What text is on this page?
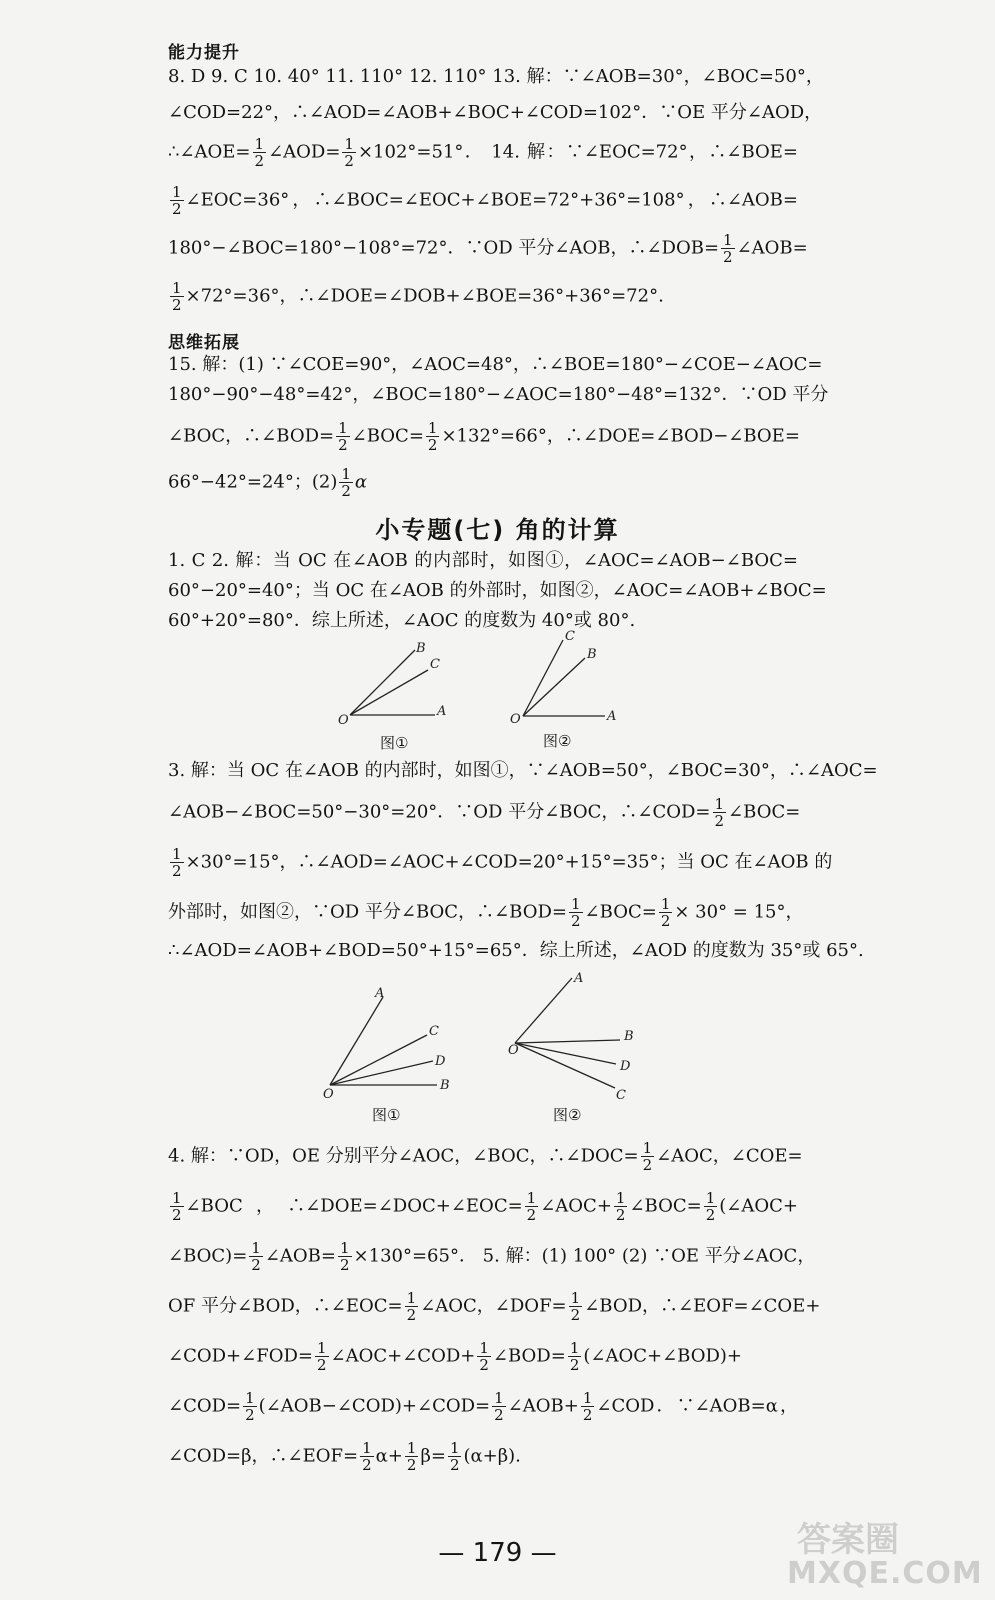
能力提升
8. D 9. C 10. 40° 11. 110° 12. 110° 13. 解：∵∠AOB=30°，∠BOC=50°，
∠COD=22°，∴∠AOD=∠AOB+∠BOC+∠COD=102°．∵OE 平分∠AOD，
∴∠AOE= $\frac{1}{2}$ ∠AOD= $\frac{1}{2} \times 102^\circ=51^\circ$． 14. 解：∵∠EOC=72°，∴∠BOE=
$\frac{1}{2}$ ∠EOC=36°，∴∠BOC=∠EOC+∠BOE=72°+36°=108°，∴∠AOB=
180°−∠BOC=180°−108°=72°．∵OD 平分∠AOB，∴∠DOB= $\frac{1}{2}$ ∠AOB=
$\frac{1}{2} \times 72^\circ=36^\circ$，∴∠DOE=∠DOB+∠BOE=36°+36°=72°.
思维拓展
15. 解：(1) ∵∠COE=90°，∠AOC=48°，∴∠BOE=180°−∠COE−∠AOC=
180°−90°−48°=42°，∠BOC=180°−∠AOC=180°−48°=132°．∵OD 平分
∠BOC，∴∠BOD= $\frac{1}{2}$ ∠BOC= $\frac{1}{2} \times 132^\circ=66^\circ$，∴∠DOE=∠BOD−∠BOE=
66°−42°=24°；$(2) \frac{1}{2}$ α
小专题(七) 角的计算
1. C 2. 解：当 OC 在∠AOB 的内部时，如图①，∠AOC=∠AOB−∠BOC=
60°−20°=40°；当 OC 在∠AOB 的外部时，如图②，∠AOC=∠AOB+∠BOC=
60°+20°=80°．综上所述，∠AOC 的度数为 40°或 80°.
O
A
B
C
图①
O	A
C
B
图②
3. 解：当 OC 在∠AOB 的内部时，如图①，∵∠AOB=50°，∠BOC=30°，∴∠AOC=
∠AOB−∠BOC=50°−30°=20°．∵OD 平分∠BOC，∴∠COD= $\frac{1}{2}$ ∠BOC=
$\frac{1}{2} \times 30^\circ=15^\circ$，∴∠AOD=∠AOC+∠COD=20°+15°=35°；当 OC 在∠AOB 的
外部时，如图②，∵OD 平分∠BOC，∴∠BOD= $\frac{1}{2}$ ∠BOC= $\frac{1}{2} \times 30^\circ = 15^\circ$，
∴∠AOD=∠AOB+∠BOD=50°+15°=65°．综上所述，∠AOD 的度数为 35°或 65°.
O
B
A
C
D
图①
O
A
B
D
C
图②
4. 解：∵OD，OE 分别平分∠AOC，∠BOC，∴∠DOC= $\frac{1}{2}$ ∠AOC，∠COE=
$\frac{1}{2}$ ∠BOC，∴∠DOE=∠DOC+∠EOC= $\frac{1}{2}$ ∠AOC+ $\frac{1}{2}$ ∠BOC= $\frac{1}{2}$ (∠AOC+
∠BOC)= $\frac{1}{2}$ ∠AOB= $\frac{1}{2} \times 130^\circ=65^\circ$． 5. 解：(1) 100° (2) ∵OE 平分∠AOC，
OF 平分∠BOD，∴∠EOC= $\frac{1}{2}$ ∠AOC，∠DOF= $\frac{1}{2}$ ∠BOD，∴∠EOF=∠COE+
∠COD+∠FOD= $\frac{1}{2}$ ∠AOC+∠COD+ $\frac{1}{2}$ ∠BOD= $\frac{1}{2}$ (∠AOC+∠BOD)+
∠COD= $\frac{1}{2}$ (∠AOB−∠COD)+∠COD= $\frac{1}{2}$ ∠AOB+ $\frac{1}{2}$ ∠COD．∵∠AOB=α，
∠COD=β，∴∠EOF= $\frac{1}{2} \alpha+ \frac{1}{2} \beta= \frac{1}{2} (\alpha+\beta)$.
— 179 —	答案圈
MXQE.COM
